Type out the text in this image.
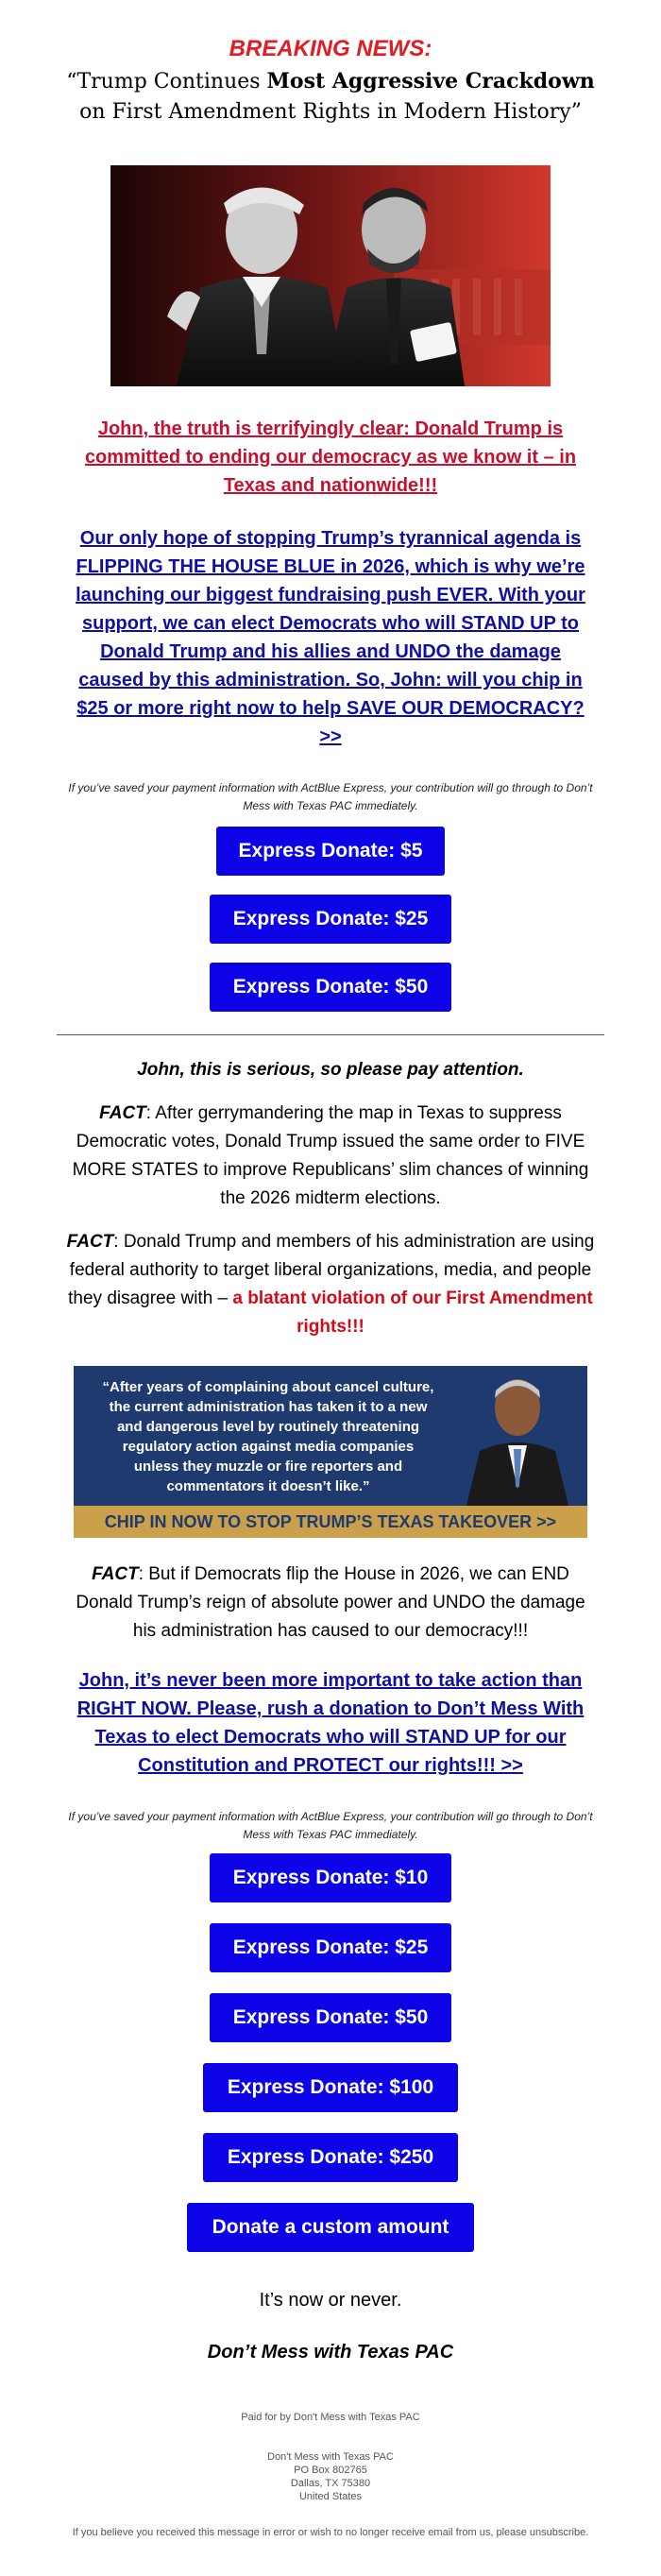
BREAKING NEWS:

“Trump Continues Most Aggressive Crackdown on First Amendment Rights in Modern History”

John, the truth is terrifyingly clear: Donald Trump is committed to ending our democracy as we know it – in Texas and nationwide!!!

Our only hope of stopping Trump’s tyrannical agenda is FLIPPING THE HOUSE BLUE in 2026, which is why we’re launching our biggest fundraising push EVER. With your support, we can elect Democrats who will STAND UP to Donald Trump and his allies and UNDO the damage caused by this administration. So, John: will you chip in $25 or more right now to help SAVE OUR DEMOCRACY? >>

If you’ve saved your payment information with ActBlue Express, your contribution will go through to Don’t Mess with Texas PAC immediately.

Express Donate: $5
Express Donate: $25
Express Donate: $50

John, this is serious, so please pay attention.

FACT: After gerrymandering the map in Texas to suppress Democratic votes, Donald Trump issued the same order to FIVE MORE STATES to improve Republicans’ slim chances of winning the 2026 midterm elections.

FACT: Donald Trump and members of his administration are using federal authority to target liberal organizations, media, and people they disagree with – a blatant violation of our First Amendment rights!!!

“After years of complaining about cancel culture, the current administration has taken it to a new and dangerous level by routinely threatening regulatory action against media companies unless they muzzle or fire reporters and commentators it doesn’t like.”
CHIP IN NOW TO STOP TRUMP’S TEXAS TAKEOVER >>

FACT: But if Democrats flip the House in 2026, we can END Donald Trump’s reign of absolute power and UNDO the damage his administration has caused to our democracy!!!

John, it’s never been more important to take action than RIGHT NOW. Please, rush a donation to Don’t Mess With Texas to elect Democrats who will STAND UP for our Constitution and PROTECT our rights!!! >>

If you’ve saved your payment information with ActBlue Express, your contribution will go through to Don’t Mess with Texas PAC immediately.

Express Donate: $10
Express Donate: $25
Express Donate: $50
Express Donate: $100
Express Donate: $250
Donate a custom amount

It’s now or never.

Don’t Mess with Texas PAC

Paid for by Don't Mess with Texas PAC

Don't Mess with Texas PAC

PO Box 802765

Dallas, TX 75380

United States

If you believe you received this message in error or wish to no longer receive email from us, please unsubscribe.
